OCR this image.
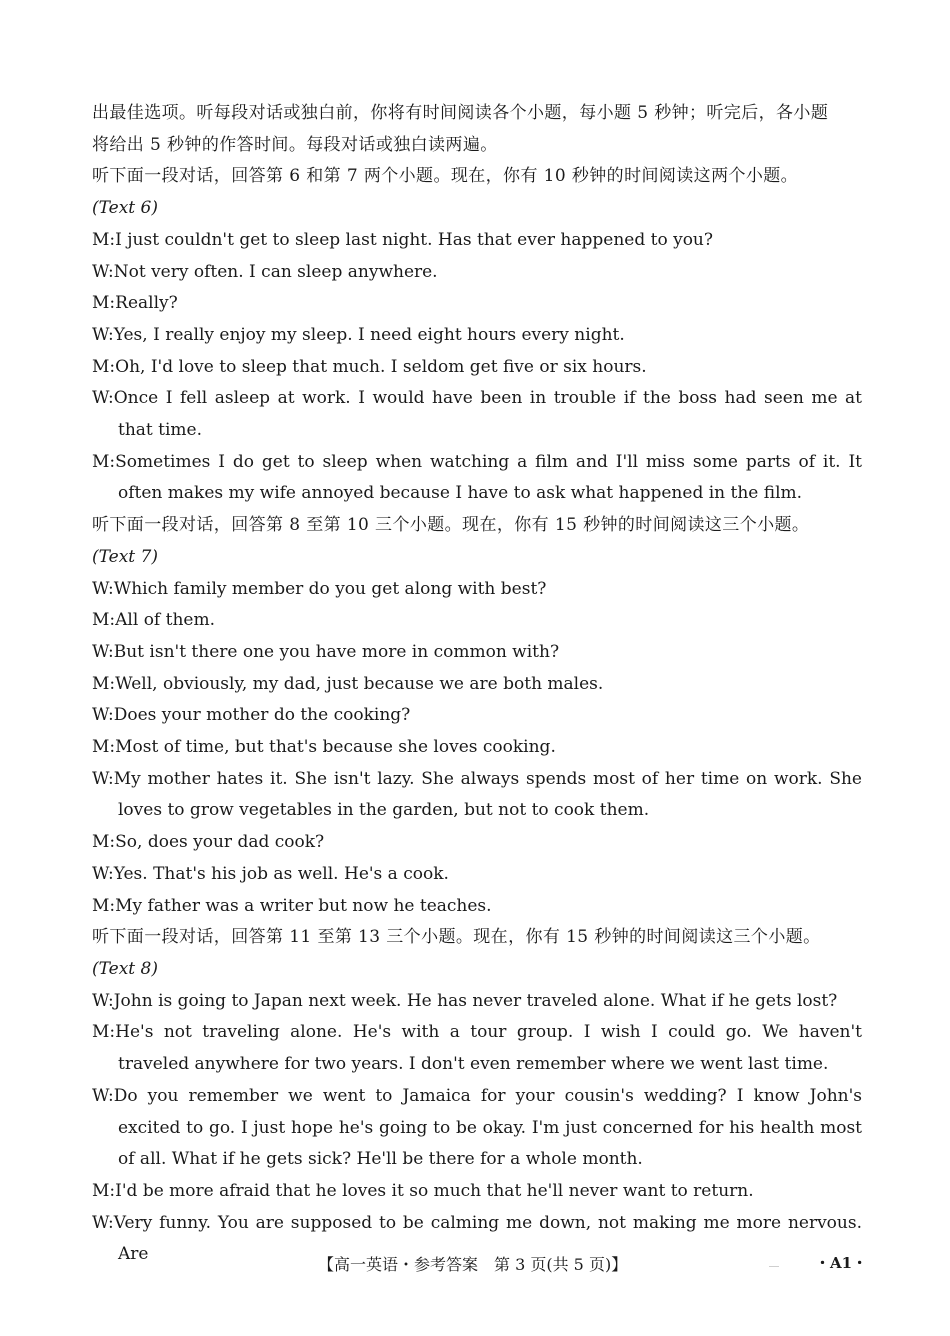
出最佳选项。听每段对话或独白前，你将有时间阅读各个小题，每小题 5 秒钟；听完后，各小题
将给出 5 秒钟的作答时间。每段对话或独白读两遍。
听下面一段对话，回答第 6 和第 7 两个小题。现在，你有 10 秒钟的时间阅读这两个小题。
(Text 6)
M:I just couldn't get to sleep last night. Has that ever happened to you?
W:Not very often. I can sleep anywhere.
M:Really?
W:Yes, I really enjoy my sleep. I need eight hours every night.
M:Oh, I'd love to sleep that much. I seldom get five or six hours.
W:Once I fell asleep at work. I would have been in trouble if the boss had seen me at that time.
M:Sometimes I do get to sleep when watching a film and I'll miss some parts of it. It often makes my wife annoyed because I have to ask what happened in the film.
听下面一段对话，回答第 8 至第 10 三个小题。现在，你有 15 秒钟的时间阅读这三个小题。
(Text 7)
W:Which family member do you get along with best?
M:All of them.
W:But isn't there one you have more in common with?
M:Well, obviously, my dad, just because we are both males.
W:Does your mother do the cooking?
M:Most of time, but that's because she loves cooking.
W:My mother hates it. She isn't lazy. She always spends most of her time on work. She loves to grow vegetables in the garden, but not to cook them.
M:So, does your dad cook?
W:Yes. That's his job as well. He's a cook.
M:My father was a writer but now he teaches.
听下面一段对话，回答第 11 至第 13 三个小题。现在，你有 15 秒钟的时间阅读这三个小题。
(Text 8)
W:John is going to Japan next week. He has never traveled alone. What if he gets lost?
M:He's not traveling alone. He's with a tour group. I wish I could go. We haven't traveled anywhere for two years. I don't even remember where we went last time.
W:Do you remember we went to Jamaica for your cousin's wedding? I know John's excited to go. I just hope he's going to be okay. I'm just concerned for his health most of all. What if he gets sick? He'll be there for a whole month.
M:I'd be more afraid that he loves it so much that he'll never want to return.
W:Very funny. You are supposed to be calming me down, not making me more nervous. Are
【高一英语・参考答案　第 3 页(共 5 页)】	・A1・
